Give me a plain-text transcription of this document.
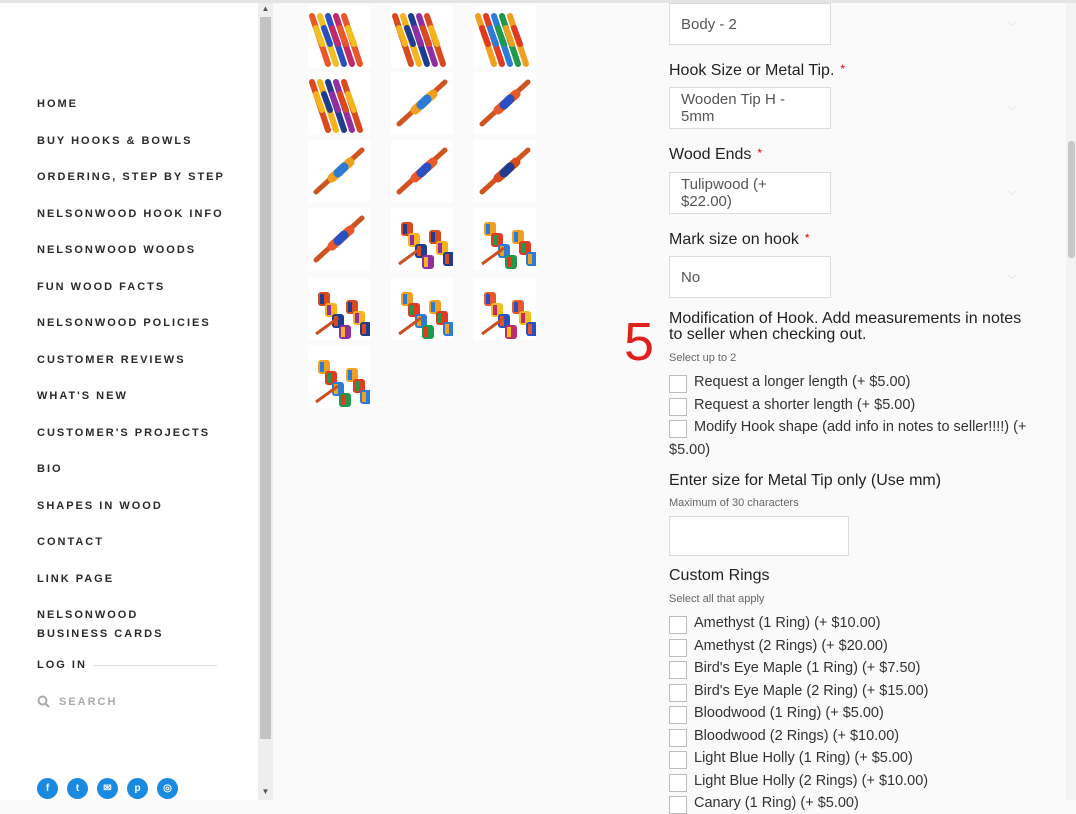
HOME
BUY HOOKS & BOWLS
ORDERING, STEP BY STEP
NELSONWOOD HOOK INFO
NELSONWOOD WOODS
FUN WOOD FACTS
NELSONWOOD POLICIES
CUSTOMER REVIEWS
WHAT'S NEW
CUSTOMER'S PROJECTS
BIO
SHAPES IN WOOD
CONTACT
LINK PAGE
NELSONWOOD BUSINESS CARDS
LOG IN
SEARCH
f	t	✉	p	◎
▲
▼
5
Body - 2	⌵
Hook Size or Metal Tip. *
Wooden Tip H - 5mm
⌵
Wood Ends *
Tulipwood (+ $22.00)
⌵
Mark size on hook *
No	⌵
Modification of Hook. Add measurements in notes
to seller when checking out.
Select up to 2
Request a longer length (+ $5.00)
Request a shorter length (+ $5.00)
Modify Hook shape (add info in notes to seller!!!!) (+
$5.00)
Enter size for Metal Tip only (Use mm)
Maximum of 30 characters
Custom Rings
Select all that apply
Amethyst (1 Ring) (+ $10.00)
Amethyst (2 Rings) (+ $20.00)
Bird's Eye Maple (1 Ring) (+ $7.50)
Bird's Eye Maple (2 Ring) (+ $15.00)
Bloodwood (1 Ring) (+ $5.00)
Bloodwood (2 Rings) (+ $10.00)
Light Blue Holly (1 Ring) (+ $5.00)
Light Blue Holly (2 Rings) (+ $10.00)
Canary (1 Ring) (+ $5.00)
